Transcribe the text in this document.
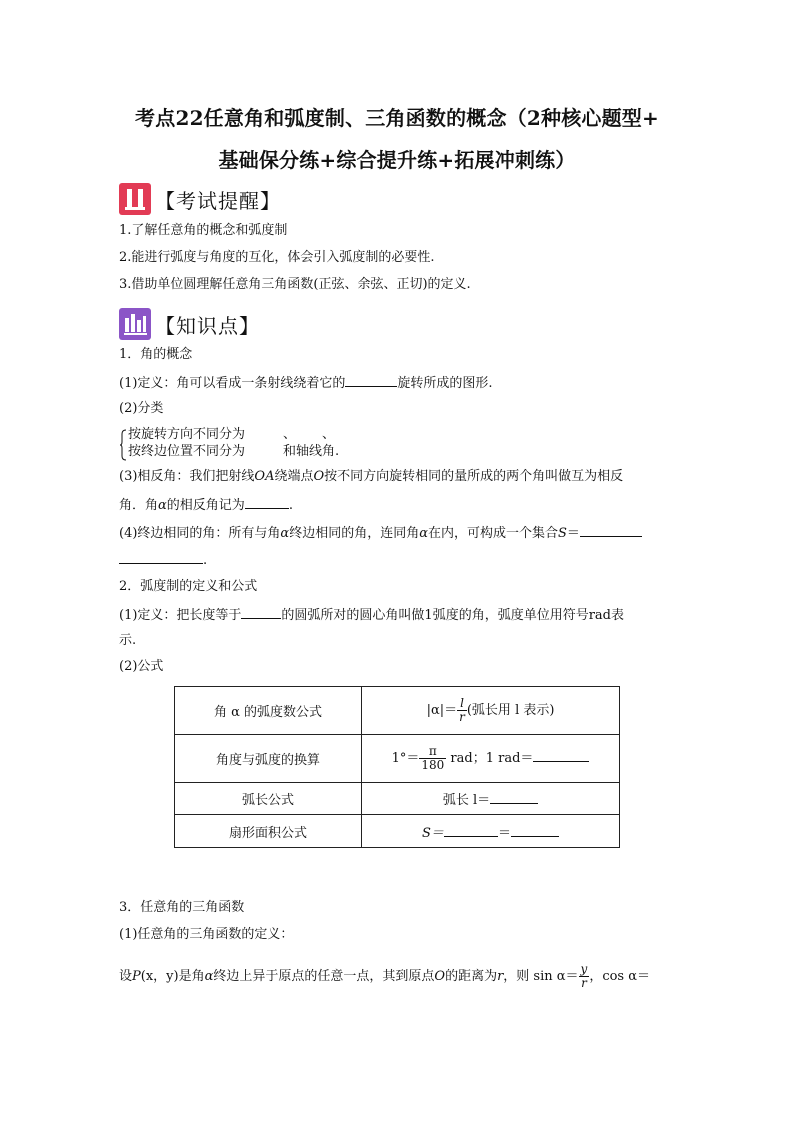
考点22任意角和弧度制、三角函数的概念（2种核心题型+
基础保分练+综合提升练+拓展冲刺练）
【考试提醒】
1.了解任意角的概念和弧度制
2.能进行弧度与角度的互化，体会引入弧度制的必要性.
3.借助单位圆理解任意角三角函数(正弦、余弦、正切)的定义.
【知识点】
1．角的概念
(1)定义：角可以看成一条射线绕着它的	旋转所成的图形.
(2)分类
按旋转方向不同分为	、 、
按终边位置不同分为	和轴线角.
(3)相反角：我们把射线OA绕端点O按不同方向旋转相同的量所成的两个角叫做互为相反
角．角α的相反角记为	.
(4)终边相同的角：所有与角α终边相同的角，连同角α在内，可构成一个集合S＝
.
2．弧度制的定义和公式
(1)定义：把长度等于	的圆弧所对的圆心角叫做1弧度的角，弧度单位用符号rad表
示.
(2)公式
角 α 的弧度数公式	$|\alpha|= \frac{l}{r}$ (弧长用 l 表示)
角度与弧度的换算	$1^\circ= \frac{\pi}{180}$ rad；1 rad＝
弧长公式	弧长 l＝
扇形面积公式	S＝ ＝
3．任意角的三角函数
(1)任意角的三角函数的定义：
设P(x，y)是角α终边上异于原点的任意一点，其到原点O的距离为r，则 $\sin \alpha= \frac{y}{r}$ ，cos α＝
